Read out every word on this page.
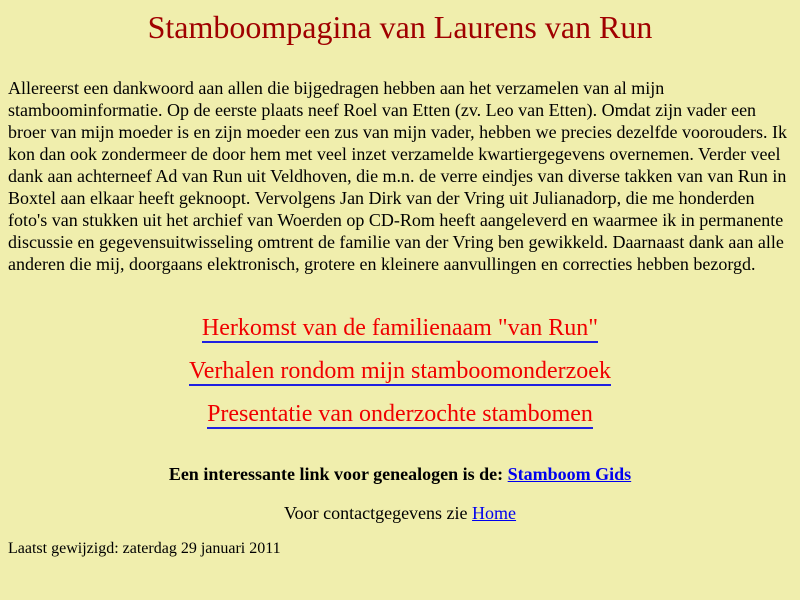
Stamboompagina van Laurens van Run

Allereerst een dankwoord aan allen die bijgedragen hebben aan het verzamelen van al mijn stamboominformatie. Op de eerste plaats neef Roel van Etten (zv. Leo van Etten). Omdat zijn vader een broer van mijn moeder is en zijn moeder een zus van mijn vader, hebben we precies dezelfde voorouders. Ik kon dan ook zondermeer de door hem met veel inzet verzamelde kwartiergegevens overnemen. Verder veel dank aan achterneef Ad van Run uit Veldhoven, die m.n. de verre eindjes van diverse takken van van Run in Boxtel aan elkaar heeft geknoopt. Vervolgens Jan Dirk van der Vring uit Julianadorp, die me honderden foto's van stukken uit het archief van Woerden op CD-Rom heeft aangeleverd en waarmee ik in permanente discussie en gegevensuitwisseling omtrent de familie van der Vring ben gewikkeld. Daarnaast dank aan alle anderen die mij, doorgaans elektronisch, grotere en kleinere aanvullingen en correcties hebben bezorgd.

Herkomst van de familienaam "van Run"
Verhalen rondom mijn stamboomonderzoek
Presentatie van onderzochte stambomen
Een interessante link voor genealogen is de: Stamboom Gids
Voor contactgegevens zie Home
Laatst gewijzigd: zaterdag 29 januari 2011
